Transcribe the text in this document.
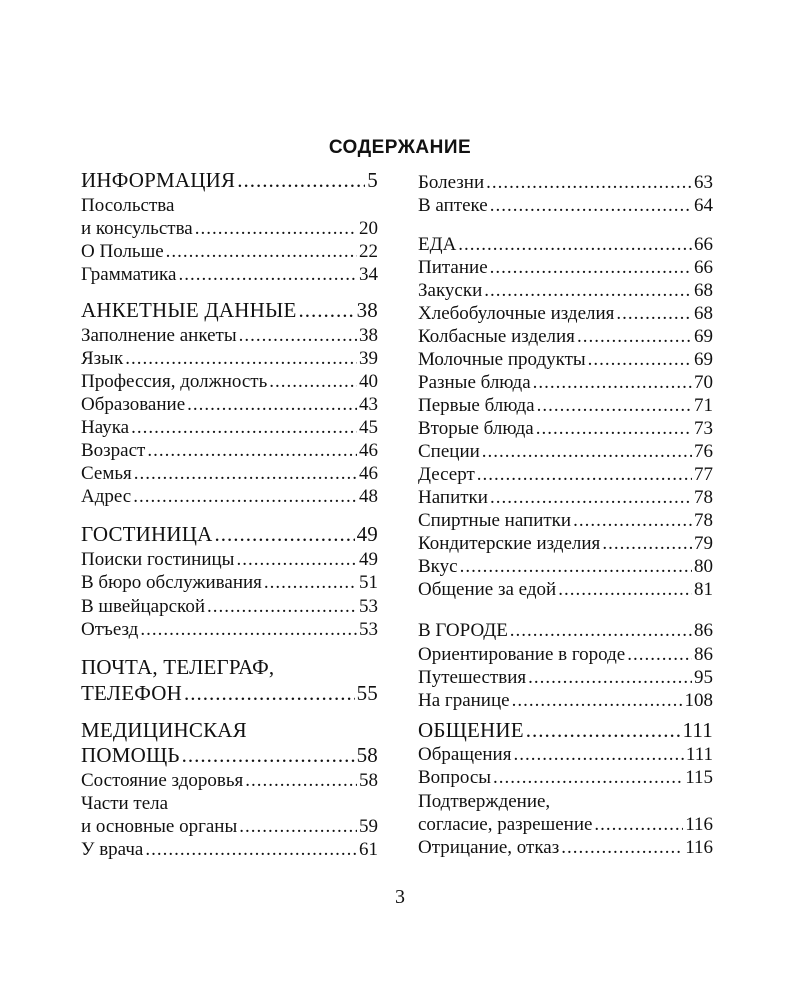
СОДЕРЖАНИЕ
ИНФОРМАЦИЯ .....	5
Посольства
и консульства .....	20
О Польше .....	22
Грамматика .....	34
АНКЕТНЫЕ ДАННЫЕ .....	38
Заполнение анкеты .....	38
Язык .....	39
Профессия, должность .....	40
Образование .....	43
Наука .....	45
Возраст .....	46
Семья .....	46
Адрес .....	48
ГОСТИНИЦА .....	49
Поиски гостиницы .....	49
В бюро обслуживания .....	51
В швейцарской .....	53
Отъезд .....	53
ПОЧТА, ТЕЛЕГРАФ,
ТЕЛЕФОН .....	55
МЕДИЦИНСКАЯ
ПОМОЩЬ .....	58
Состояние здоровья .....	58
Части тела
и основные органы .....	59
У врача .....	61
Болезни .....	63
В аптеке .....	64
ЕДА .....	66
Питание .....	66
Закуски .....	68
Хлебобулочные изделия .....	68
Колбасные изделия .....	69
Молочные продукты .....	69
Разные блюда .....	70
Первые блюда .....	71
Вторые блюда .....	73
Специи .....	76
Десерт .....	77
Напитки .....	78
Спиртные напитки .....	78
Кондитерские изделия .....	79
Вкус .....	80
Общение за едой .....	81
В ГОРОДЕ .....	86
Ориентирование в городе .....	86
Путешествия .....	95
На границе .....	108
ОБЩЕНИЕ .....	111
Обращения .....	111
Вопросы .....	115
Подтверждение,
согласие, разрешение .....	116
Отрицание, отказ .....	116
3
